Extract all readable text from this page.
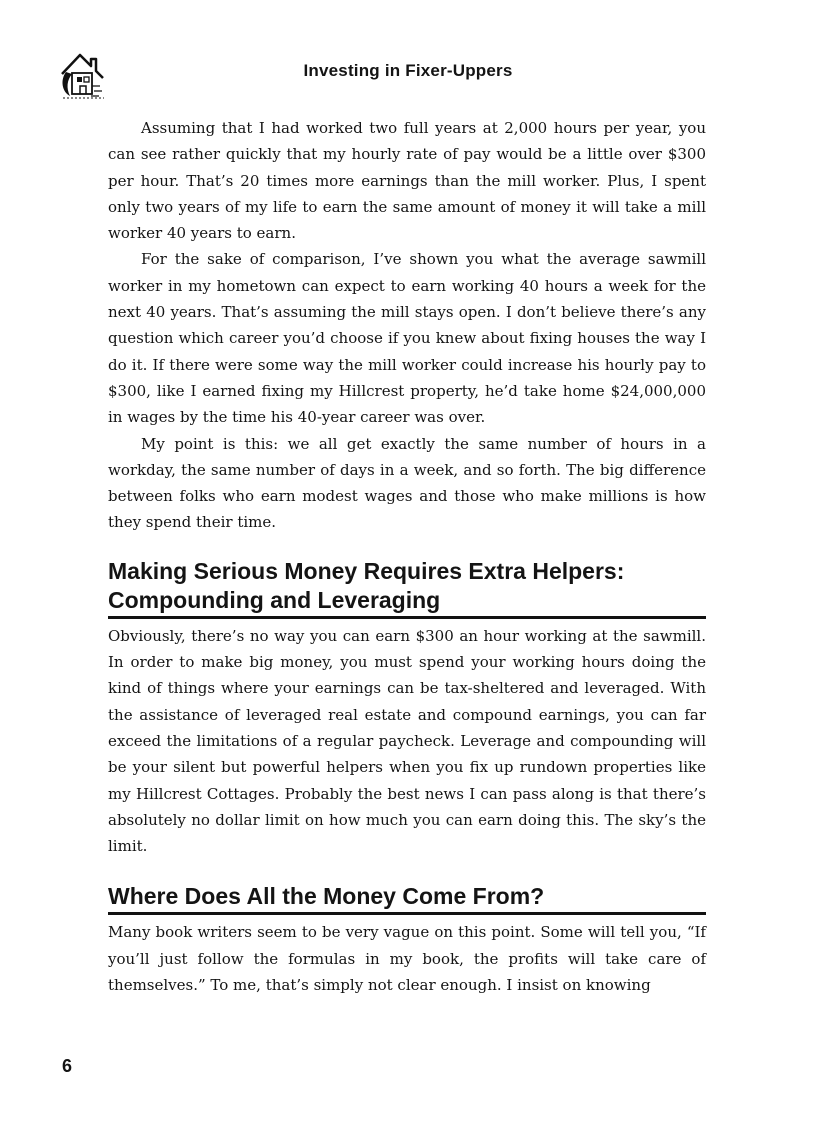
Investing in Fixer-Uppers

Assuming that I had worked two full years at 2,000 hours per year, you can see rather quickly that my hourly rate of pay would be a little over $300 per hour. That’s 20 times more earnings than the mill worker. Plus, I spent only two years of my life to earn the same amount of money it will take a mill worker 40 years to earn.

For the sake of comparison, I’ve shown you what the average sawmill worker in my hometown can expect to earn working 40 hours a week for the next 40 years. That’s assuming the mill stays open. I don’t believe there’s any question which career you’d choose if you knew about fixing houses the way I do it. If there were some way the mill worker could increase his hourly pay to $300, like I earned fixing my Hillcrest property, he’d take home $24,000,000 in wages by the time his 40-year career was over.

My point is this: we all get exactly the same number of hours in a workday, the same number of days in a week, and so forth. The big difference between folks who earn modest wages and those who make millions is how they spend their time.

Making Serious Money Requires Extra Helpers:
Compounding and Leveraging

Obviously, there’s no way you can earn $300 an hour working at the sawmill. In order to make big money, you must spend your working hours doing the kind of things where your earnings can be tax-sheltered and leveraged. With the assistance of leveraged real estate and compound earnings, you can far exceed the limitations of a regular paycheck. Leverage and compounding will be your silent but powerful helpers when you fix up rundown properties like my Hillcrest Cottages. Probably the best news I can pass along is that there’s absolutely no dollar limit on how much you can earn doing this. The sky’s the limit.

Where Does All the Money Come From?

Many book writers seem to be very vague on this point. Some will tell you, “If you’ll just follow the formulas in my book, the profits will take care of themselves.” To me, that’s simply not clear enough. I insist on knowing

6
